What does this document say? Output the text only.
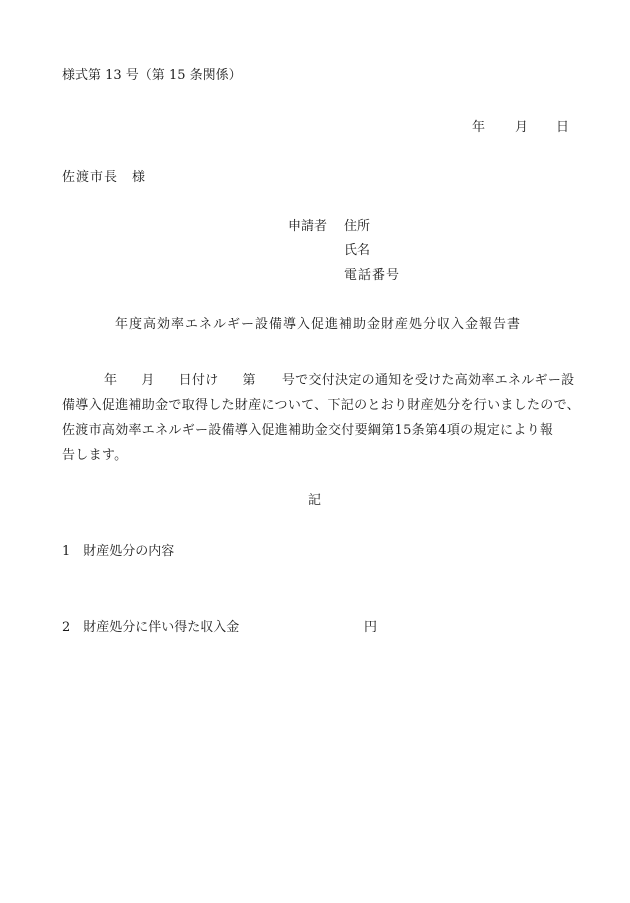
様式第 13 号（第 15 条関係）
年 月 日
佐渡市長　様
申請者 住所
氏名
電話番号
年度高効率エネルギー設備導入促進補助金財産処分収入金報告書
年 月 日付け 第 号で交付決定の通知を受けた高効率エネルギー設
備導入促進補助金で取得した財産について、下記のとおり財産処分を行いましたので、
佐渡市高効率エネルギー設備導入促進補助金交付要綱第15条第4項の規定により報
告します。
記
1　財産処分の内容
2　財産処分に伴い得た収入金	円
